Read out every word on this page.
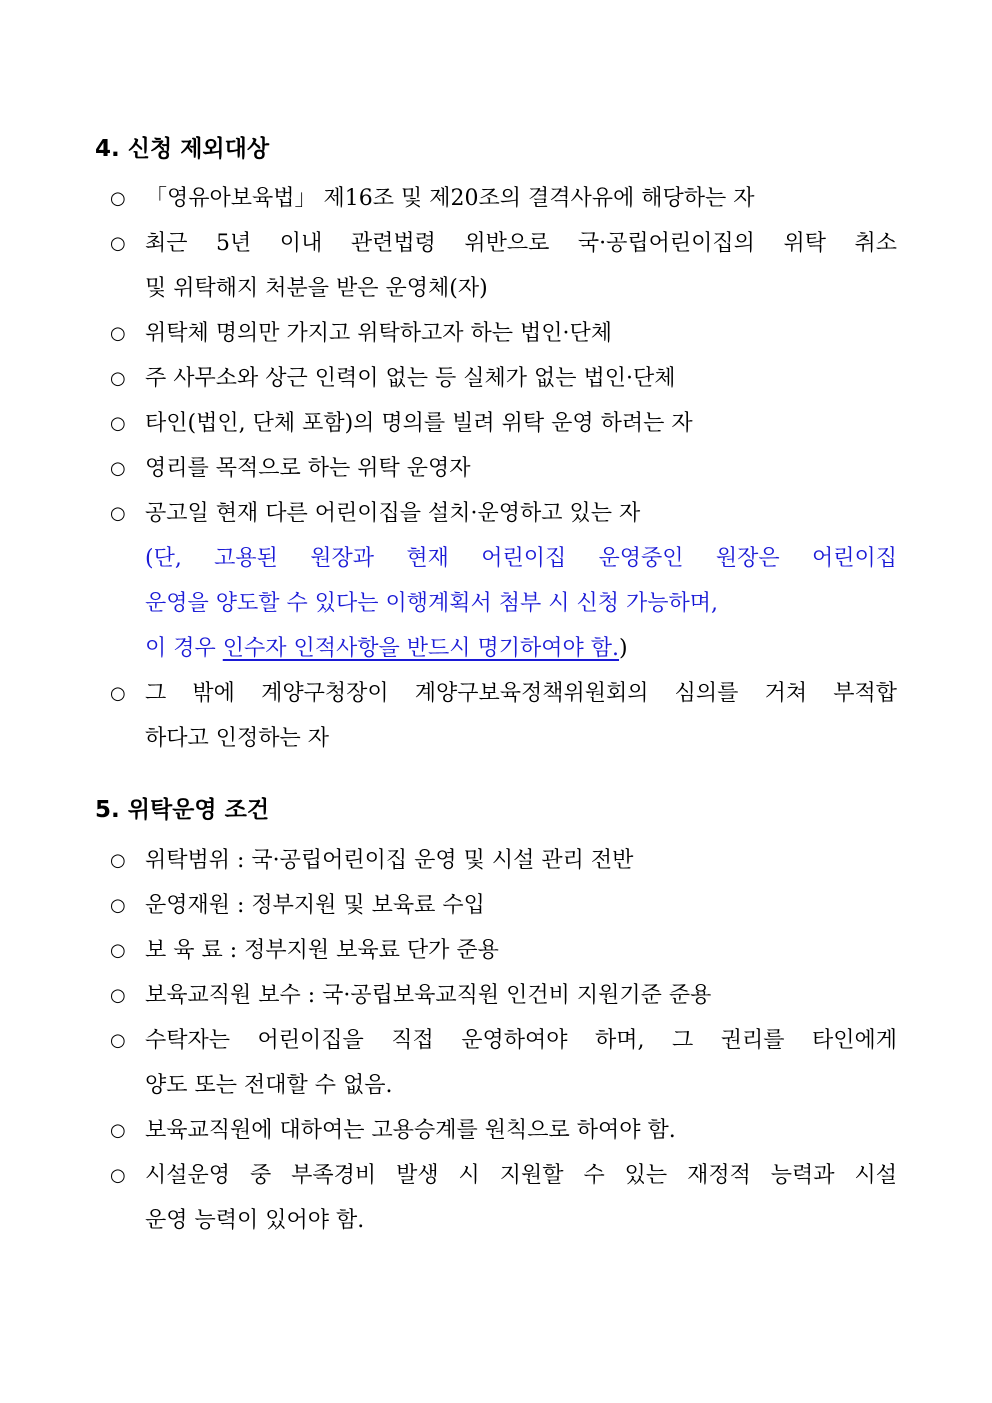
4. 신청 제외대상
○ 「영유아보육법」 제16조 및 제20조의 결격사유에 해당하는 자
○ 최근 5년 이내 관련법령 위반으로 국·공립어린이집의 위탁 취소
및 위탁해지 처분을 받은 운영체(자)
○ 위탁체 명의만 가지고 위탁하고자 하는 법인·단체
○ 주 사무소와 상근 인력이 없는 등 실체가 없는 법인·단체
○ 타인(법인, 단체 포함)의 명의를 빌려 위탁 운영 하려는 자
○ 영리를 목적으로 하는 위탁 운영자
○ 공고일 현재 다른 어린이집을 설치·운영하고 있는 자
(단, 고용된 원장과 현재 어린이집 운영중인 원장은 어린이집
운영을 양도할 수 있다는 이행계획서 첨부 시 신청 가능하며,
이 경우 인수자 인적사항을 반드시 명기하여야 함.)
○ 그 밖에 계양구청장이 계양구보육정책위원회의 심의를 거쳐 부적합
하다고 인정하는 자
5. 위탁운영 조건
○ 위탁범위 : 국·공립어린이집 운영 및 시설 관리 전반
○ 운영재원 : 정부지원 및 보육료 수입
○ 보 육 료 : 정부지원 보육료 단가 준용
○ 보육교직원 보수 : 국·공립보육교직원 인건비 지원기준 준용
○ 수탁자는 어린이집을 직접 운영하여야 하며, 그 권리를 타인에게
양도 또는 전대할 수 없음.
○ 보육교직원에 대하여는 고용승계를 원칙으로 하여야 함.
○ 시설운영 중 부족경비 발생 시 지원할 수 있는 재정적 능력과 시설
운영 능력이 있어야 함.
